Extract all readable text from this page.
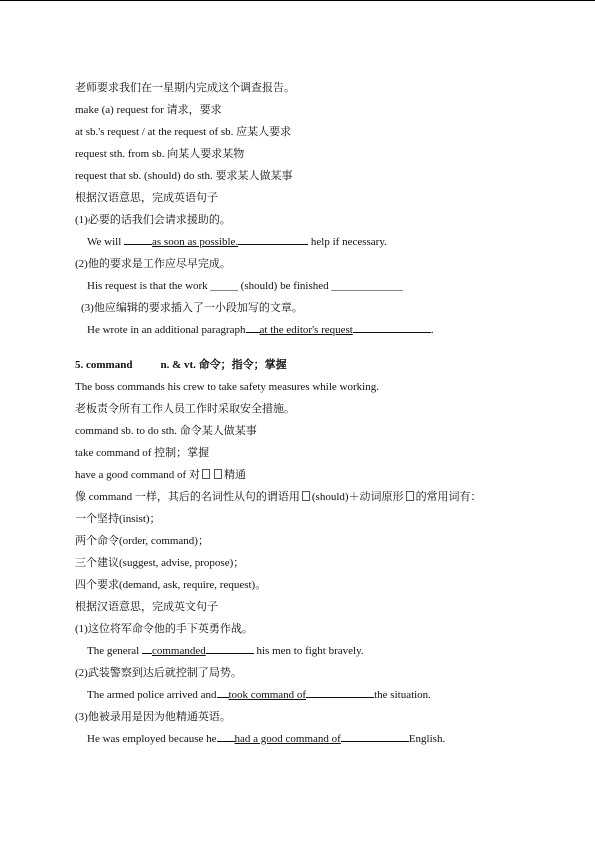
老师要求我们在一星期内完成这个调查报告。
make (a) request for 请求，要求
at sb.'s request / at the request of sb. 应某人要求
request sth. from sb. 向某人要求某物
request that sb. (should) do sth. 要求某人做某事
根据汉语意思，完成英语句子
(1)必要的话我们会请求援助的。
We will	as soon as possible.	help if necessary.
(2)他的要求是工作应尽早完成。
His request is that the work _____ (should) be finished _____________
(3)他应编辑的要求插入了一小段加写的文章。
He wrote in an additional paragraph at the editor's request	.
5. command	n. & vt. 命令；指令；掌握
The boss commands his crew to take safety measures while working.
老板责令所有工作人员工作时采取安全措施。
command sb. to do sth. 命令某人做某事
take command of 控制；掌握
have a good command of 对 精通
像 command 一样，其后的名词性从句的谓语用 (should)＋动词原形 的常用词有：
一个坚持(insist)；
两个命令(order, command)；
三个建议(suggest, advise, propose)；
四个要求(demand, ask, require, request)。
根据汉语意思，完成英文句子
(1)这位将军命令他的手下英勇作战。
The general commanded	his men to fight bravely.
(2)武装警察到达后就控制了局势。
The armed police arrived and took command of	the situation.
(3)他被录用是因为他精通英语。
He was employed because he had a good command of	English.
